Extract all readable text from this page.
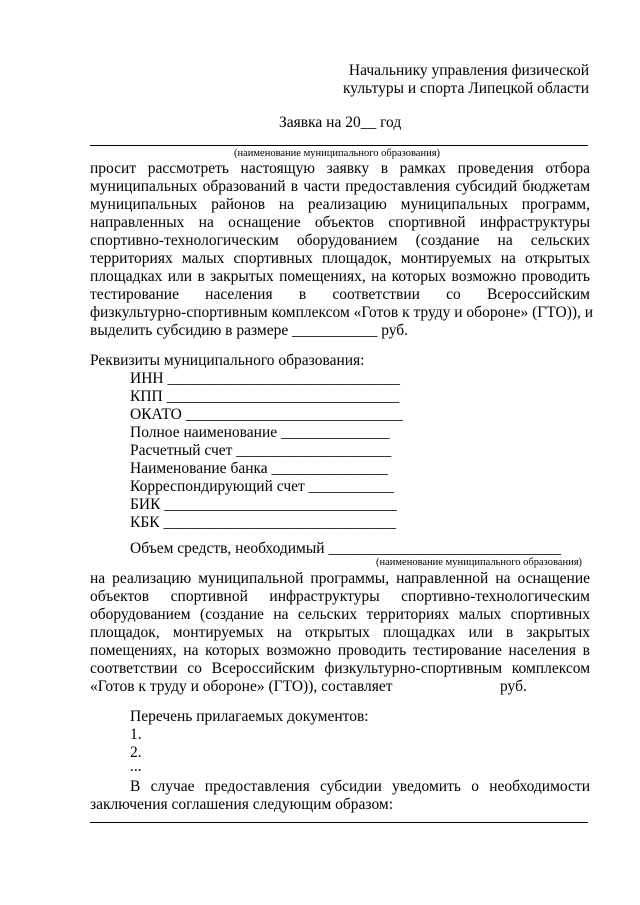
Начальнику управления физической
культуры и спорта Липецкой области
Заявка на 20__ год
(наименование муниципального образования)
просит рассмотреть настоящую заявку в рамках проведения отбора
муниципальных образований в части предоставления субсидий бюджетам
муниципальных районов на реализацию муниципальных программ,
направленных на оснащение объектов спортивной инфраструктуры
спортивно-технологическим оборудованием (создание на сельских
территориях малых спортивных площадок, монтируемых на открытых
площадках или в закрытых помещениях, на которых возможно проводить
тестирование населения в соответствии со Всероссийским
физкультурно-спортивным комплексом «Готов к труду и обороне» (ГТО)), и
выделить субсидию в размере ___________ руб.
Реквизиты муниципального образования:
ИНН ______________________________
КПП ______________________________
ОКАТО ____________________________
Полное наименование ______________
Расчетный счет ____________________
Наименование банка _______________
Корреспондирующий счет ___________
БИК ______________________________
КБК ______________________________
Объем средств, необходимый ______________________________
(наименование муниципального образования)
на реализацию муниципальной программы, направленной на оснащение
объектов спортивной инфраструктуры спортивно-технологическим
оборудованием (создание на сельских территориях малых спортивных
площадок, монтируемых на открытых площадках или в закрытых
помещениях, на которых возможно проводить тестирование населения в
соответствии со Всероссийским физкультурно-спортивным комплексом
«Готов к труду и обороне» (ГТО)), составляет	руб.
Перечень прилагаемых документов:
1.
2.
...
В случае предоставления субсидии уведомить о необходимости
заключения соглашения следующим образом:
